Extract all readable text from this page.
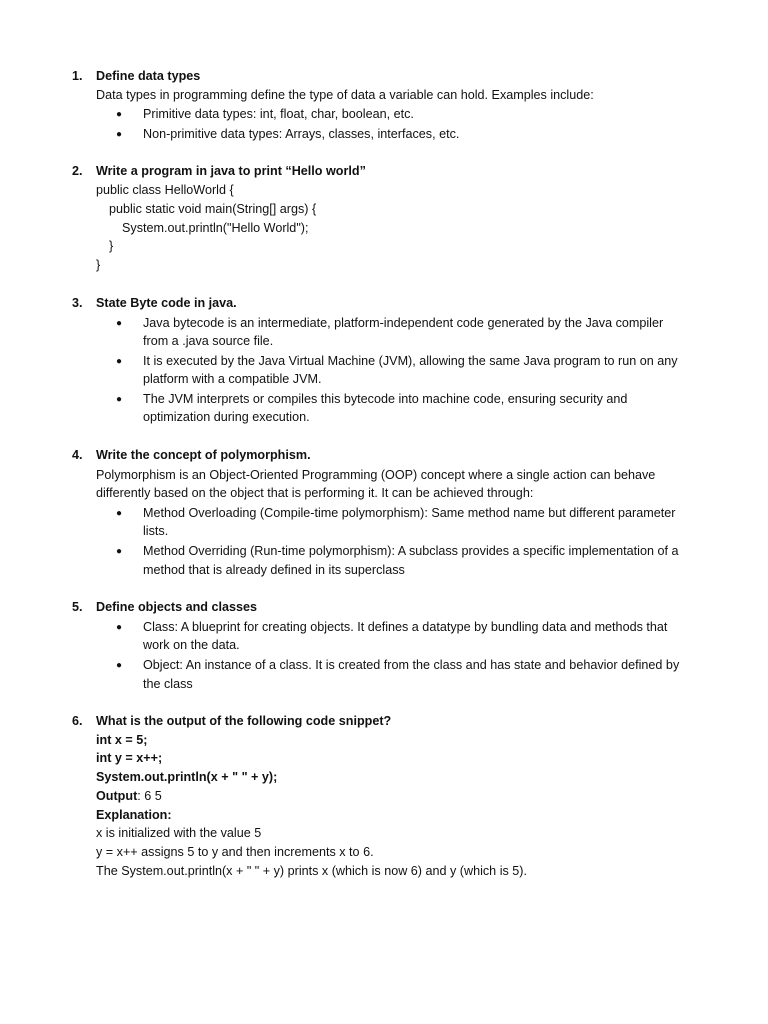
1.	Define data types
Data types in programming define the type of data a variable can hold. Examples include:
● Primitive data types: int, float, char, boolean, etc.
● Non-primitive data types: Arrays, classes, interfaces, etc.
2.	Write a program in java to print “Hello world”
public class HelloWorld {
public static void main(String[] args) {
System.out.println("Hello World");
}
}
3.	State Byte code in java.
● Java bytecode is an intermediate, platform-independent code generated by the Java compiler
from a .java source file.
● It is executed by the Java Virtual Machine (JVM), allowing the same Java program to run on any
platform with a compatible JVM.
● The JVM interprets or compiles this bytecode into machine code, ensuring security and
optimization during execution.
4.	Write the concept of polymorphism.
Polymorphism is an Object-Oriented Programming (OOP) concept where a single action can behave
differently based on the object that is performing it. It can be achieved through:
● Method Overloading (Compile-time polymorphism): Same method name but different parameter
lists.
● Method Overriding (Run-time polymorphism): A subclass provides a specific implementation of a
method that is already defined in its superclass
5.	Define objects and classes
● Class: A blueprint for creating objects. It defines a datatype by bundling data and methods that
work on the data.
● Object: An instance of a class. It is created from the class and has state and behavior defined by
the class
6.	What is the output of the following code snippet?
int x = 5;
int y = x++;
System.out.println(x + " " + y);
Output: 6 5
Explanation:
x is initialized with the value 5
y = x++ assigns 5 to y and then increments x to 6.
The System.out.println(x + " " + y) prints x (which is now 6) and y (which is 5).
